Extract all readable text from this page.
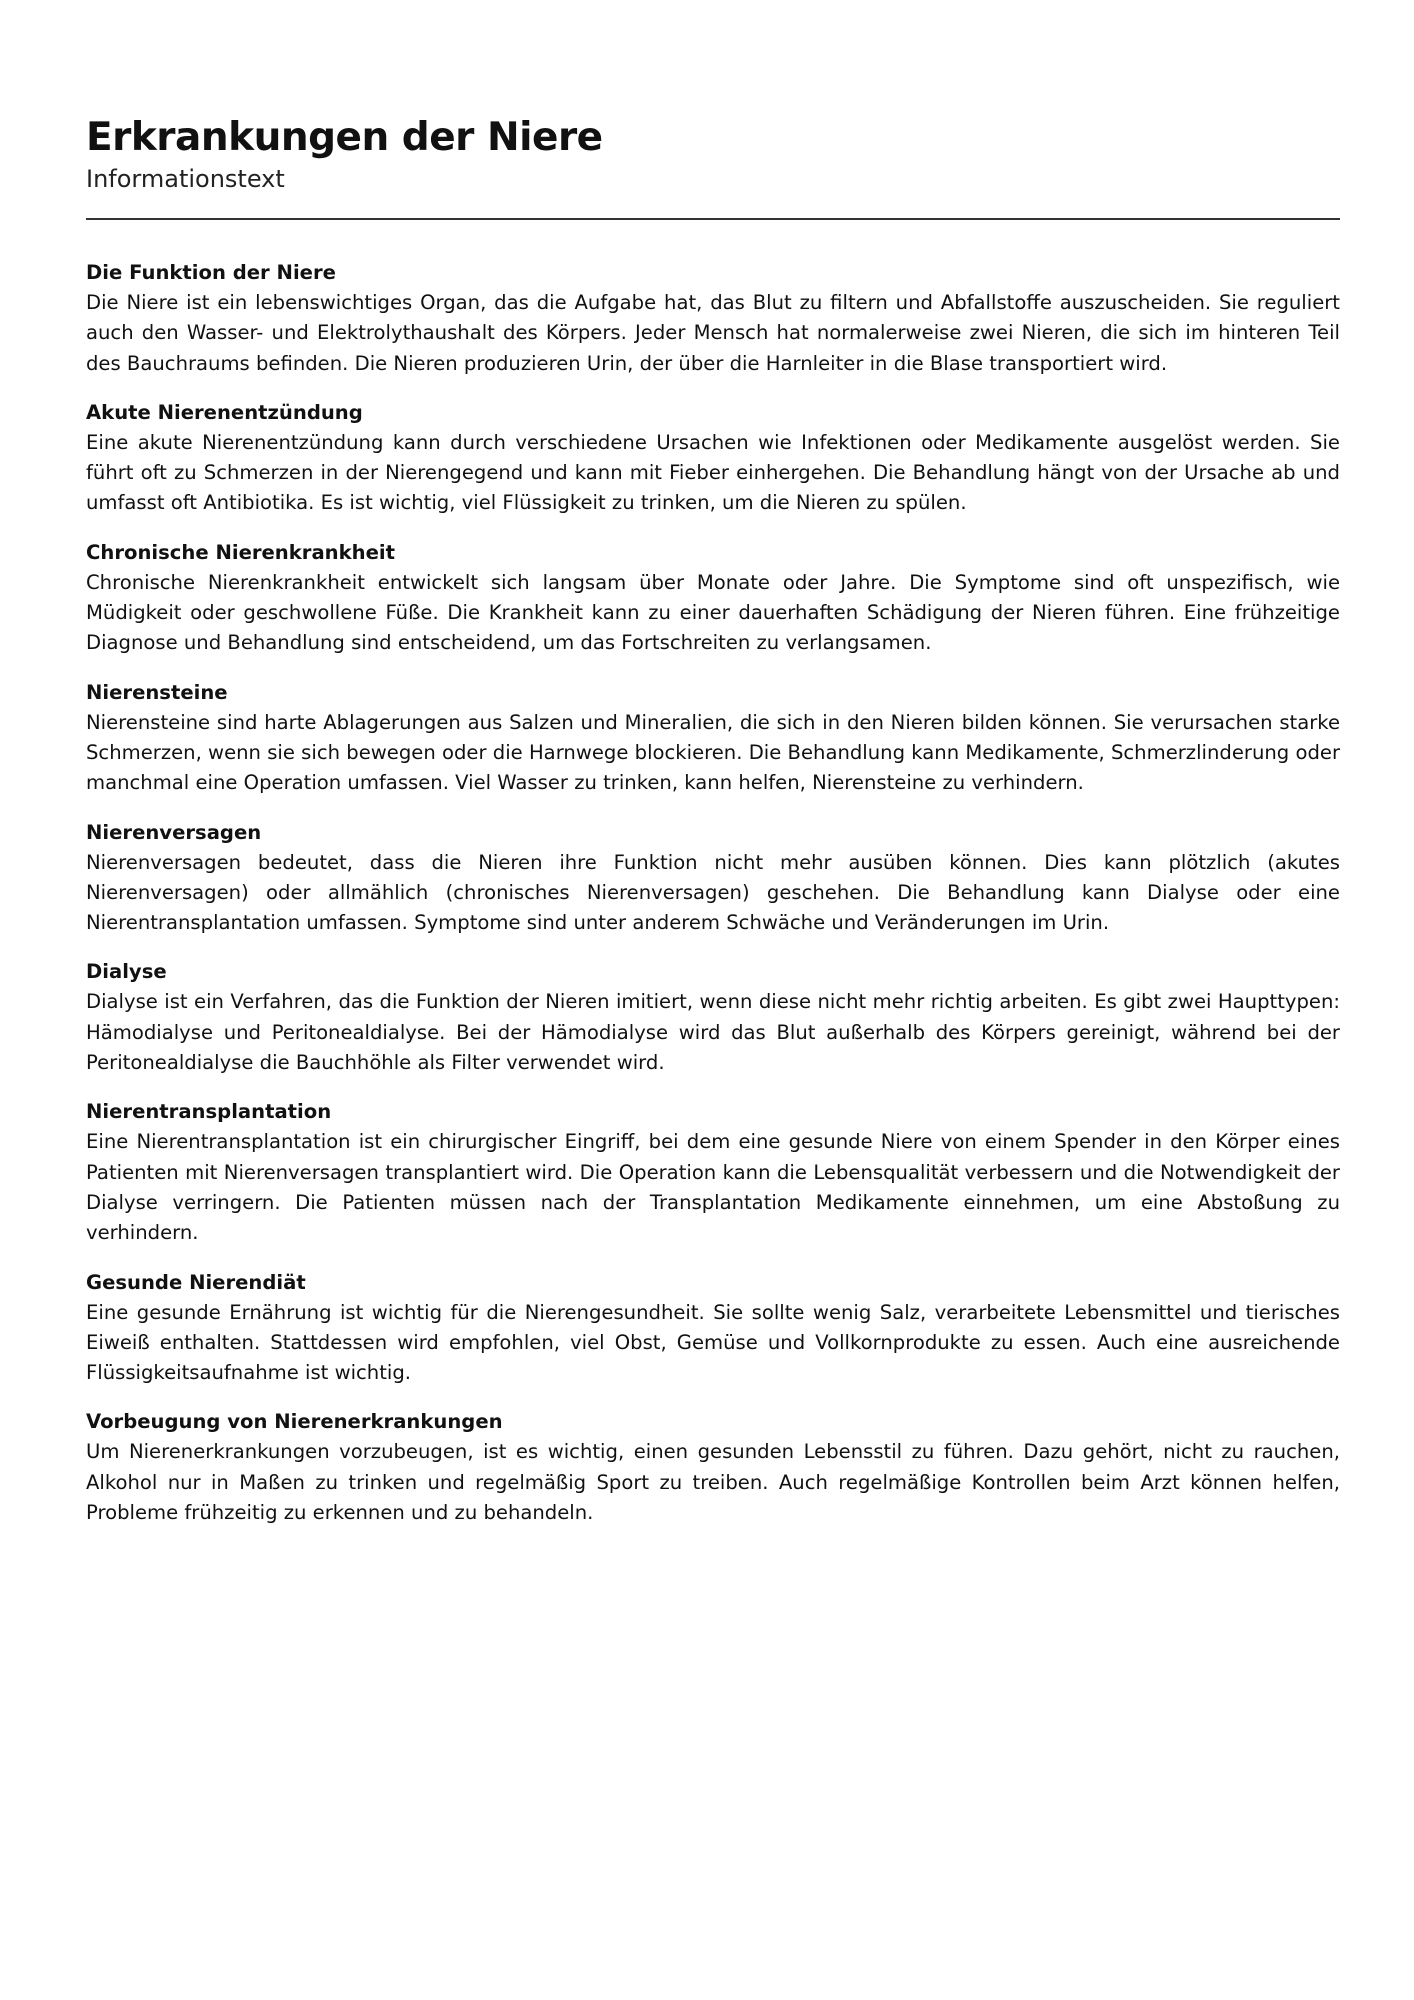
Erkrankungen der Niere
Informationstext
Die Funktion der Niere

Die Niere ist ein lebenswichtiges Organ, das die Aufgabe hat, das Blut zu filtern und Abfallstoffe auszuscheiden. Sie reguliert auch den Wasser- und Elektrolythaushalt des Körpers. Jeder Mensch hat normalerweise zwei Nieren, die sich im hinteren Teil des Bauchraums befinden. Die Nieren produzieren Urin, der über die Harnleiter in die Blase transportiert wird.

Akute Nierenentzündung

Eine akute Nierenentzündung kann durch verschiedene Ursachen wie Infektionen oder Medikamente ausgelöst werden. Sie führt oft zu Schmerzen in der Nierengegend und kann mit Fieber einhergehen. Die Behandlung hängt von der Ursache ab und umfasst oft Antibiotika. Es ist wichtig, viel Flüssigkeit zu trinken, um die Nieren zu spülen.

Chronische Nierenkrankheit

Chronische Nierenkrankheit entwickelt sich langsam über Monate oder Jahre. Die Symptome sind oft unspezifisch, wie Müdigkeit oder geschwollene Füße. Die Krankheit kann zu einer dauerhaften Schädigung der Nieren führen. Eine frühzeitige Diagnose und Behandlung sind entscheidend, um das Fortschreiten zu verlangsamen.

Nierensteine

Nierensteine sind harte Ablagerungen aus Salzen und Mineralien, die sich in den Nieren bilden können. Sie verursachen starke Schmerzen, wenn sie sich bewegen oder die Harnwege blockieren. Die Behandlung kann Medikamente, Schmerzlinderung oder manchmal eine Operation umfassen. Viel Wasser zu trinken, kann helfen, Nierensteine zu verhindern.

Nierenversagen

Nierenversagen bedeutet, dass die Nieren ihre Funktion nicht mehr ausüben können. Dies kann plötzlich (akutes Nierenversagen) oder allmählich (chronisches Nierenversagen) geschehen. Die Behandlung kann Dialyse oder eine Nierentransplantation umfassen. Symptome sind unter anderem Schwäche und Veränderungen im Urin.

Dialyse

Dialyse ist ein Verfahren, das die Funktion der Nieren imitiert, wenn diese nicht mehr richtig arbeiten. Es gibt zwei Haupttypen: Hämodialyse und Peritonealdialyse. Bei der Hämodialyse wird das Blut außerhalb des Körpers gereinigt, während bei der Peritonealdialyse die Bauchhöhle als Filter verwendet wird.

Nierentransplantation

Eine Nierentransplantation ist ein chirurgischer Eingriff, bei dem eine gesunde Niere von einem Spender in den Körper eines Patienten mit Nierenversagen transplantiert wird. Die Operation kann die Lebensqualität verbessern und die Notwendigkeit der Dialyse verringern. Die Patienten müssen nach der Transplantation Medikamente einnehmen, um eine Abstoßung zu verhindern.

Gesunde Nierendiät

Eine gesunde Ernährung ist wichtig für die Nierengesundheit. Sie sollte wenig Salz, verarbeitete Lebensmittel und tierisches Eiweiß enthalten. Stattdessen wird empfohlen, viel Obst, Gemüse und Vollkornprodukte zu essen. Auch eine ausreichende Flüssigkeitsaufnahme ist wichtig.

Vorbeugung von Nierenerkrankungen

Um Nierenerkrankungen vorzubeugen, ist es wichtig, einen gesunden Lebensstil zu führen. Dazu gehört, nicht zu rauchen, Alkohol nur in Maßen zu trinken und regelmäßig Sport zu treiben. Auch regelmäßige Kontrollen beim Arzt können helfen, Probleme frühzeitig zu erkennen und zu behandeln.
